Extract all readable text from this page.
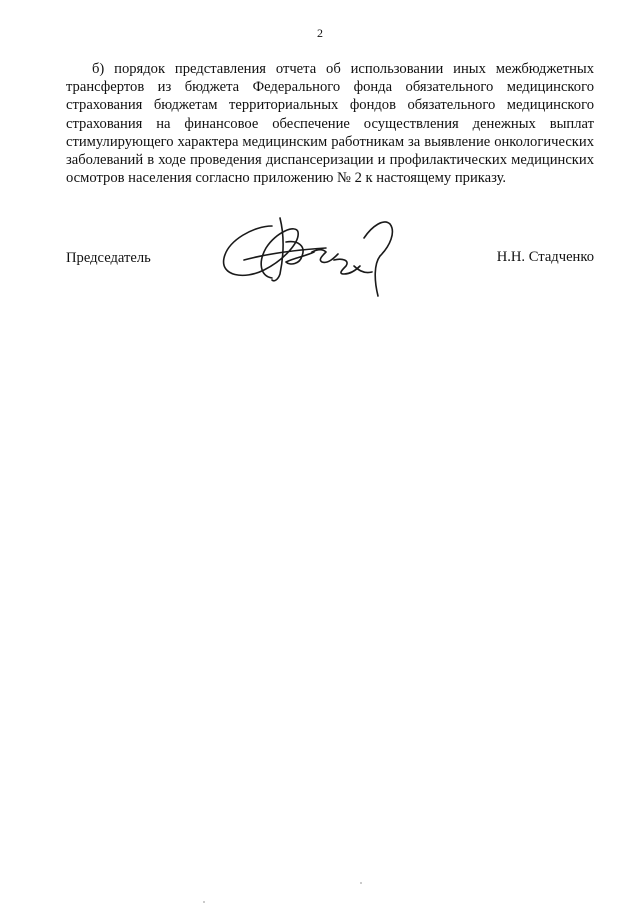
2

б) порядок представления отчета об использовании иных межбюджетных трансфертов из бюджета Федерального фонда обязательного медицинского страхования бюджетам территориальных фондов обязательного медицинского страхования на финансовое обеспечение осуществления денежных выплат стимулирующего характера медицинским работникам за выявление онкологических заболеваний в ходе проведения диспансеризации и профилактических медицинских осмотров населения согласно приложению № 2 к настоящему приказу.

Председатель	Н.Н. Стадченко
